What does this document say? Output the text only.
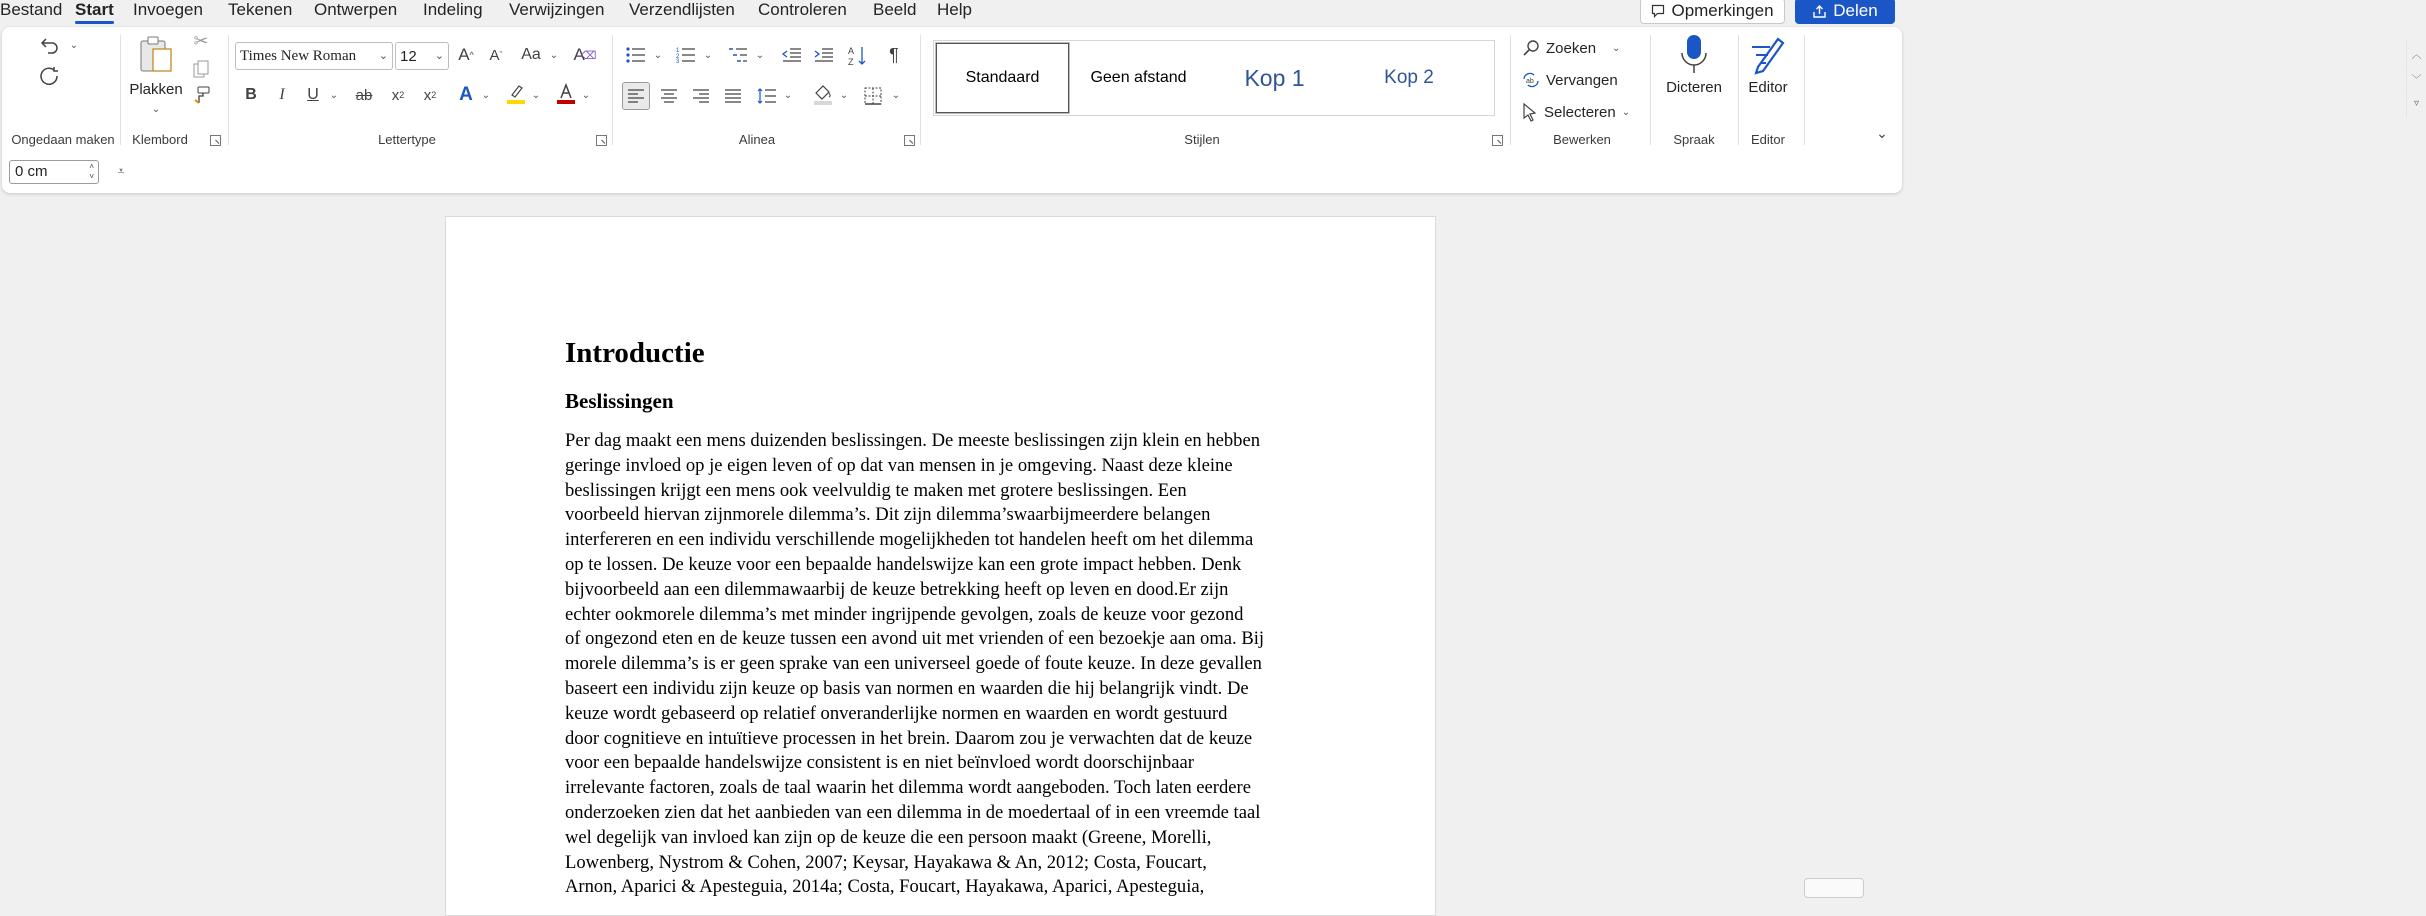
Bestand Start Invoegen Tekenen Ontwerpen Indeling Verwijzingen Verzendlijsten Controleren Beeld Help	Opmerkingen	Delen
⌄
Ongedaan maken
Plakken
⌄
✂
Klembord
Times New Roman ⌄ 12 ⌄ A ^	A ˇ Aa ⌄ A
⌫
B	I	U	⌄ ab	x 2	x 2 A ⌄	⌄	⌄
Lettertype
⌄	1
2
3
⌄	⌄	A
Z	¶
⌄	⌄	⌄
Alinea
Standaard	Geen afstand	Kop 1	Kop 2
︿
﹀
▿
Stijlen
Zoeken ⌄
ab Vervangen
Selecteren ⌄
Bewerken
Dicteren
Spraak
Editor
Editor	⌄
0 cm	˄
˅	⩡
Introductie
Beslissingen
Per dag maakt een mens duizenden beslissingen. De meeste beslissingen zijn klein en hebben
geringe invloed op je eigen leven of op dat van mensen in je omgeving. Naast deze kleine
beslissingen krijgt een mens ook veelvuldig te maken met grotere beslissingen. Een
voorbeeld hiervan zijnmorele dilemma’s. Dit zijn dilemma’swaarbijmeerdere belangen
interfereren en een individu verschillende mogelijkheden tot handelen heeft om het dilemma
op te lossen. De keuze voor een bepaalde handelswijze kan een grote impact hebben. Denk
bijvoorbeeld aan een dilemmawaarbij de keuze betrekking heeft op leven en dood.Er zijn
echter ookmorele dilemma’s met minder ingrijpende gevolgen, zoals de keuze voor gezond
of ongezond eten en de keuze tussen een avond uit met vrienden of een bezoekje aan oma. Bij
morele dilemma’s is er geen sprake van een universeel goede of foute keuze. In deze gevallen
baseert een individu zijn keuze op basis van normen en waarden die hij belangrijk vindt. De
keuze wordt gebaseerd op relatief onveranderlijke normen en waarden en wordt gestuurd
door cognitieve en intuïtieve processen in het brein. Daarom zou je verwachten dat de keuze
voor een bepaalde handelswijze consistent is en niet beïnvloed wordt doorschijnbaar
irrelevante factoren, zoals de taal waarin het dilemma wordt aangeboden. Toch laten eerdere
onderzoeken zien dat het aanbieden van een dilemma in de moedertaal of in een vreemde taal
wel degelijk van invloed kan zijn op de keuze die een persoon maakt (Greene, Morelli,
Lowenberg, Nystrom & Cohen, 2007; Keysar, Hayakawa & An, 2012; Costa, Foucart,
Arnon, Aparici & Apesteguia, 2014a; Costa, Foucart, Hayakawa, Aparici, Apesteguia,
